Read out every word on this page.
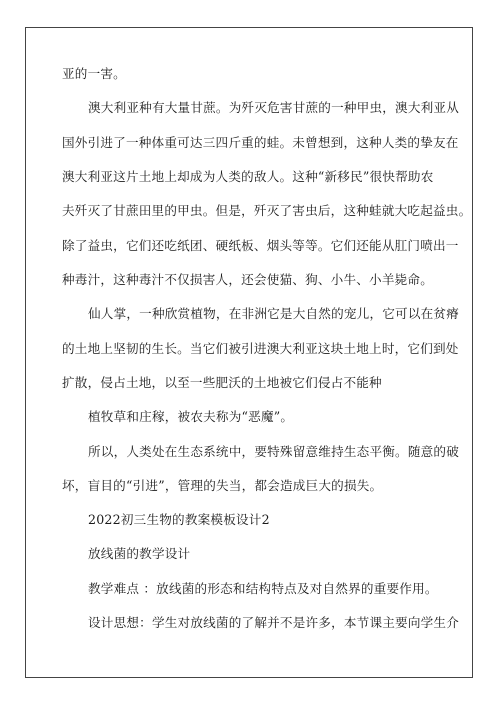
亚的一害。
澳大利亚种有大量甘蔗。为歼灭危害甘蔗的一种甲虫，澳大利亚从
国外引进了一种体重可达三四斤重的蛙。未曾想到，这种人类的挚友在
澳大利亚这片土地上却成为人类的敌人。这种“新移民”很快帮助农
夫歼灭了甘蔗田里的甲虫。但是，歼灭了害虫后，这种蛙就大吃起益虫。
除了益虫，它们还吃纸团、硬纸板、烟头等等。它们还能从肛门喷出一
种毒汁，这种毒汁不仅损害人，还会使猫、狗、小牛、小羊毙命。
仙人掌，一种欣赏植物，在非洲它是大自然的宠儿，它可以在贫瘠
的土地上坚韧的生长。当它们被引进澳大利亚这块土地上时，它们到处
扩散，侵占土地，以至一些肥沃的土地被它们侵占不能种
植牧草和庄稼，被农夫称为“恶魔”。
所以，人类处在生态系统中，要特殊留意维持生态平衡。随意的破
坏，盲目的“引进”，管理的失当，都会造成巨大的损失。
2022初三生物的教案模板设计2
放线菌的教学设计
教学难点 ：放线菌的形态和结构特点及对自然界的重要作用。
设计思想：学生对放线菌的了解并不是许多，本节课主要向学生介
